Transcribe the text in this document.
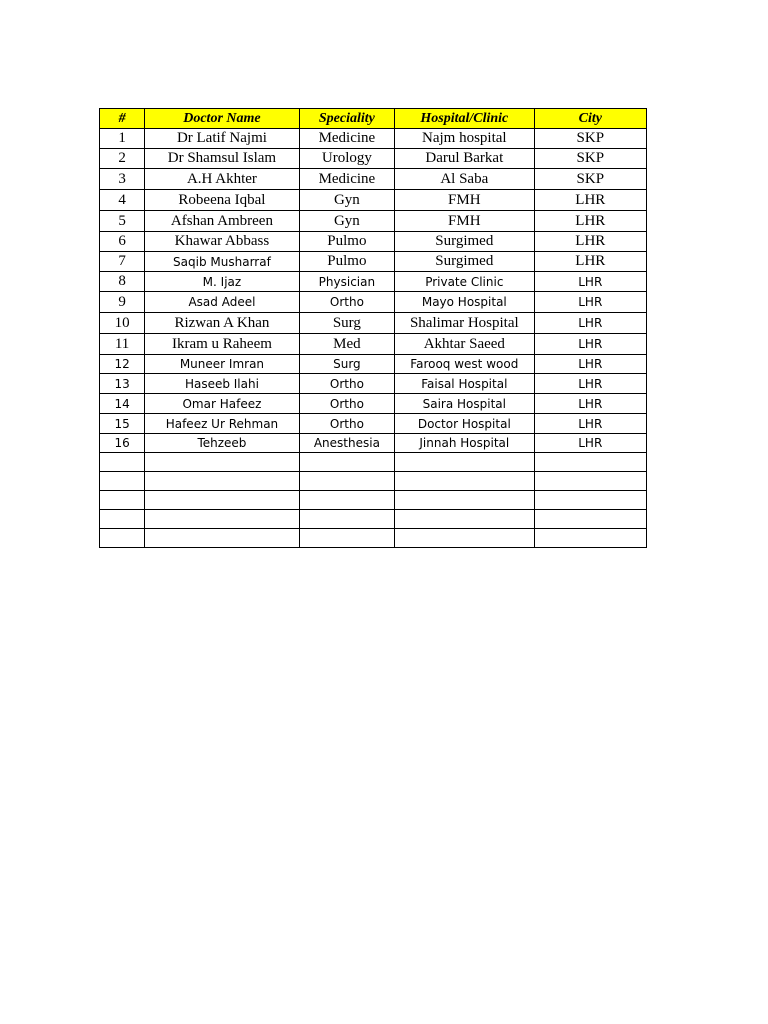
#	Doctor Name	Speciality	Hospital/Clinic	City
1	Dr Latif Najmi	Medicine	Najm hospital	SKP
2	Dr Shamsul Islam	Urology	Darul Barkat	SKP
3	A.H Akhter	Medicine	Al Saba	SKP
4	Robeena Iqbal	Gyn	FMH	LHR
5	Afshan Ambreen	Gyn	FMH	LHR
6	Khawar Abbass	Pulmo	Surgimed	LHR
7	Saqib Musharraf	Pulmo	Surgimed	LHR
8	M. Ijaz	Physician	Private Clinic	LHR
9	Asad Adeel	Ortho	Mayo Hospital	LHR
10	Rizwan A Khan	Surg	Shalimar Hospital	LHR
11	Ikram u Raheem	Med	Akhtar Saeed	LHR
12	Muneer Imran	Surg	Farooq west wood	LHR
13	Haseeb Ilahi	Ortho	Faisal Hospital	LHR
14	Omar Hafeez	Ortho	Saira Hospital	LHR
15	Hafeez Ur Rehman	Ortho	Doctor Hospital	LHR
16	Tehzeeb	Anesthesia	Jinnah Hospital	LHR
